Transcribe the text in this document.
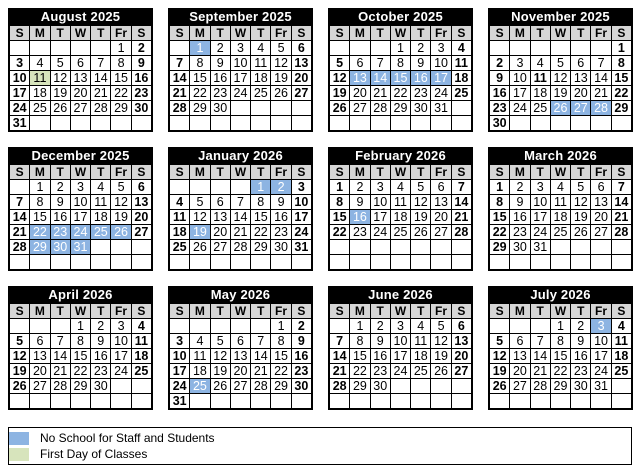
August 2025
S	M	T	W	T	Fr	S
					1	2
3	4	5	6	7	8	9
10	11	12	13	14	15	16
17	18	19	20	21	22	23
24	25	26	27	28	29	30
31						
September 2025
S	M	T	W	T	Fr	S
	1	2	3	4	5	6
7	8	9	10	11	12	13
14	15	16	17	18	19	20
21	22	23	24	25	26	27
28	29	30				

October 2025
S	M	T	W	T	Fr	S
			1	2	3	4
5	6	7	8	9	10	11
12	13	14	15	16	17	18
19	20	21	22	23	24	25
26	27	28	29	30	31	

November 2025
S	M	T	W	T	Fr	S
						1
2	3	4	5	6	7	8
9	10	11	12	13	14	15
16	17	18	19	20	21	22
23	24	25	26	27	28	29
30						
December 2025
S	M	T	W	T	Fr	S
	1	2	3	4	5	6
7	8	9	10	11	12	13
14	15	16	17	18	19	20
21	22	23	24	25	26	27
28	29	30	31			

January 2026
S	M	T	W	T	Fr	S
				1	2	3
4	5	6	7	8	9	10
11	12	13	14	15	16	17
18	19	20	21	22	23	24
25	26	27	28	29	30	31

February 2026
S	M	T	W	T	Fr	S
1	2	3	4	5	6	7
8	9	10	11	12	13	14
15	16	17	18	19	20	21
22	23	24	25	26	27	28

March 2026
S	M	T	W	T	Fr	S
1	2	3	4	5	6	7
8	9	10	11	12	13	14
15	16	17	18	19	20	21
22	23	24	25	26	27	28
29	30	31				

April 2026
S	M	T	W	T	Fr	S
			1	2	3	4
5	6	7	8	9	10	11
12	13	14	15	16	17	18
19	20	21	22	23	24	25
26	27	28	29	30		

May 2026
S	M	T	W	T	Fr	S
					1	2
3	4	5	6	7	8	9
10	11	12	13	14	15	16
17	18	19	20	21	22	23
24	25	26	27	28	29	30
31						
June 2026
S	M	T	W	T	Fr	S
	1	2	3	4	5	6
7	8	9	10	11	12	13
14	15	16	17	18	19	20
21	22	23	24	25	26	27
28	29	30				

July 2026
S	M	T	W	T	Fr	S
			1	2	3	4
5	6	7	8	9	10	11
12	13	14	15	16	17	18
19	20	21	22	23	24	25
26	27	28	29	30	31	

No School for Staff and Students
First Day of Classes
